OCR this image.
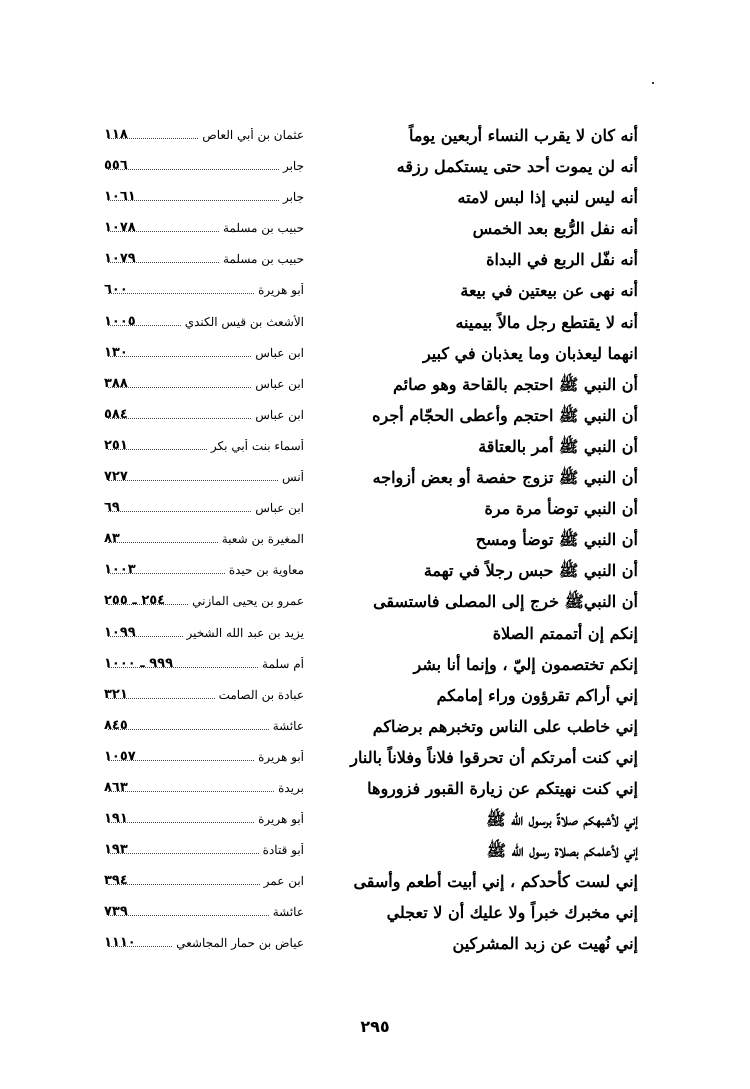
أنه كان لا يقرب النساء أربعين يوماً
عثمان بن أبي العاص
١١٨
أنه لن يموت أحد حتى يستكمل رزقه
جابر
٥٥٦
أنه ليس لنبي إذا لبس لامته
جابر
١٠٦١
أنه نفل الرُّبع بعد الخمس
حبيب بن مسلمة
١٠٧٨
أنه نفّل الربع في البداة
حبيب بن مسلمة
١٠٧٩
أنه نهى عن بيعتين في بيعة
أبو هريرة
٦٠٠
أنه لا يقتطع رجل مالاً بيمينه
الأشعث بن قيس الكندي
١٠٠٥
انهما ليعذبان وما يعذبان في كبير
ابن عباس
١٣٠
أن النبي ﷺ احتجم بالقاحة وهو صائم
ابن عباس
٣٨٨
أن النبي ﷺ احتجم وأعطى الحجّام أجره
ابن عباس
٥٨٤
أن النبي ﷺ أمر بالعتاقة
أسماء بنت أبي بكر
٢٥١
أن النبي ﷺ تزوج حفصة أو بعض أزواجه
أنس
٧٢٧
أن النبي توضأ مرة مرة
ابن عباس
٦٩
أن النبي ﷺ توضأ ومسح
المغيرة بن شعبة
٨٣
أن النبي ﷺ حبس رجلاً في تهمة
معاوية بن حيدة
١٠٠٣
أن النبيﷺ خرج إلى المصلى فاستسقى
عمرو بن يحيى المازني
٢٥٤ ـ ٢٥٥
إنكم إن أتممتم الصلاة
يزيد بن عبد الله الشخير
١٠٩٩
إنكم تختصمون إليّ ، وإنما أنا بشر
أم سلمة
٩٩٩ ـ ١٠٠٠
إني أراكم تقرؤون وراء إمامكم
عبادة بن الصامت
٣٢١
إني خاطب على الناس وتخبرهم برضاكم
عائشة
٨٤٥
إني كنت أمرتكم أن تحرقوا فلاناً وفلاناً بالنار
أبو هريرة
١٠٥٧
إني كنت نهيتكم عن زيارة القبور فزوروها
بريدة
٨٦٣
إني لأشبهكم صلاةً برسول الله ﷺ
أبو هريرة
١٩١
إني لأعلمكم بصلاة رسول الله ﷺ
أبو قتادة
١٩٣
إني لست كأحدكم ، إني أبيت أطعم وأسقى
ابن عمر
٣٩٤
إني مخبرك خبراً ولا عليك أن لا تعجلي
عائشة
٧٣٩
إني نُهيت عن زبد المشركين
عياض بن حمار المجاشعي
١١١٠
٢٩٥
